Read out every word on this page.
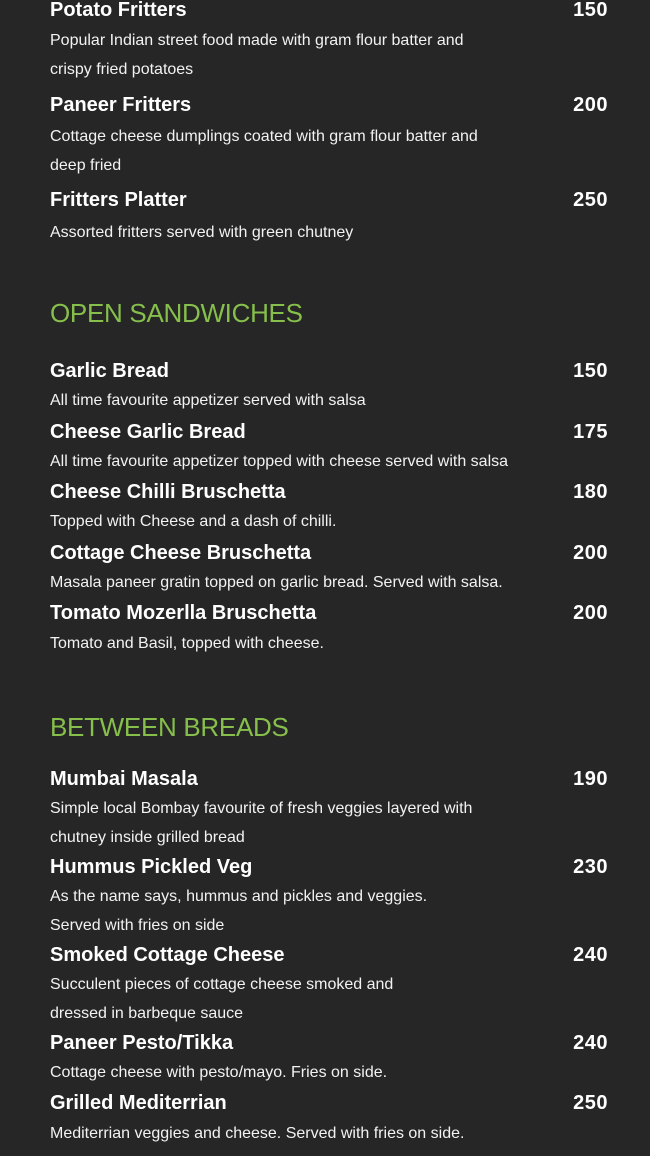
Potato Fritters	150
Popular Indian street food made with gram flour batter and
crispy fried potatoes
Paneer Fritters	200
Cottage cheese dumplings coated with gram flour batter and
deep fried
Fritters Platter	250
Assorted fritters served with green chutney
OPEN SANDWICHES
Garlic Bread	150
All time favourite appetizer served with salsa
Cheese Garlic Bread	175
All time favourite appetizer topped with cheese served with salsa
Cheese Chilli Bruschetta	180
Topped with Cheese and a dash of chilli.
Cottage Cheese Bruschetta	200
Masala paneer gratin topped on garlic bread. Served with salsa.
Tomato Mozerlla Bruschetta	200
Tomato and Basil, topped with cheese.
BETWEEN BREADS
Mumbai Masala	190
Simple local Bombay favourite of fresh veggies layered with
chutney inside grilled bread
Hummus Pickled Veg	230
As the name says, hummus and pickles and veggies.
Served with fries on side
Smoked Cottage Cheese	240
Succulent pieces of cottage cheese smoked and
dressed in barbeque sauce
Paneer Pesto/Tikka	240
Cottage cheese with pesto/mayo. Fries on side.
Grilled Mediterrian	250
Mediterrian veggies and cheese. Served with fries on side.
